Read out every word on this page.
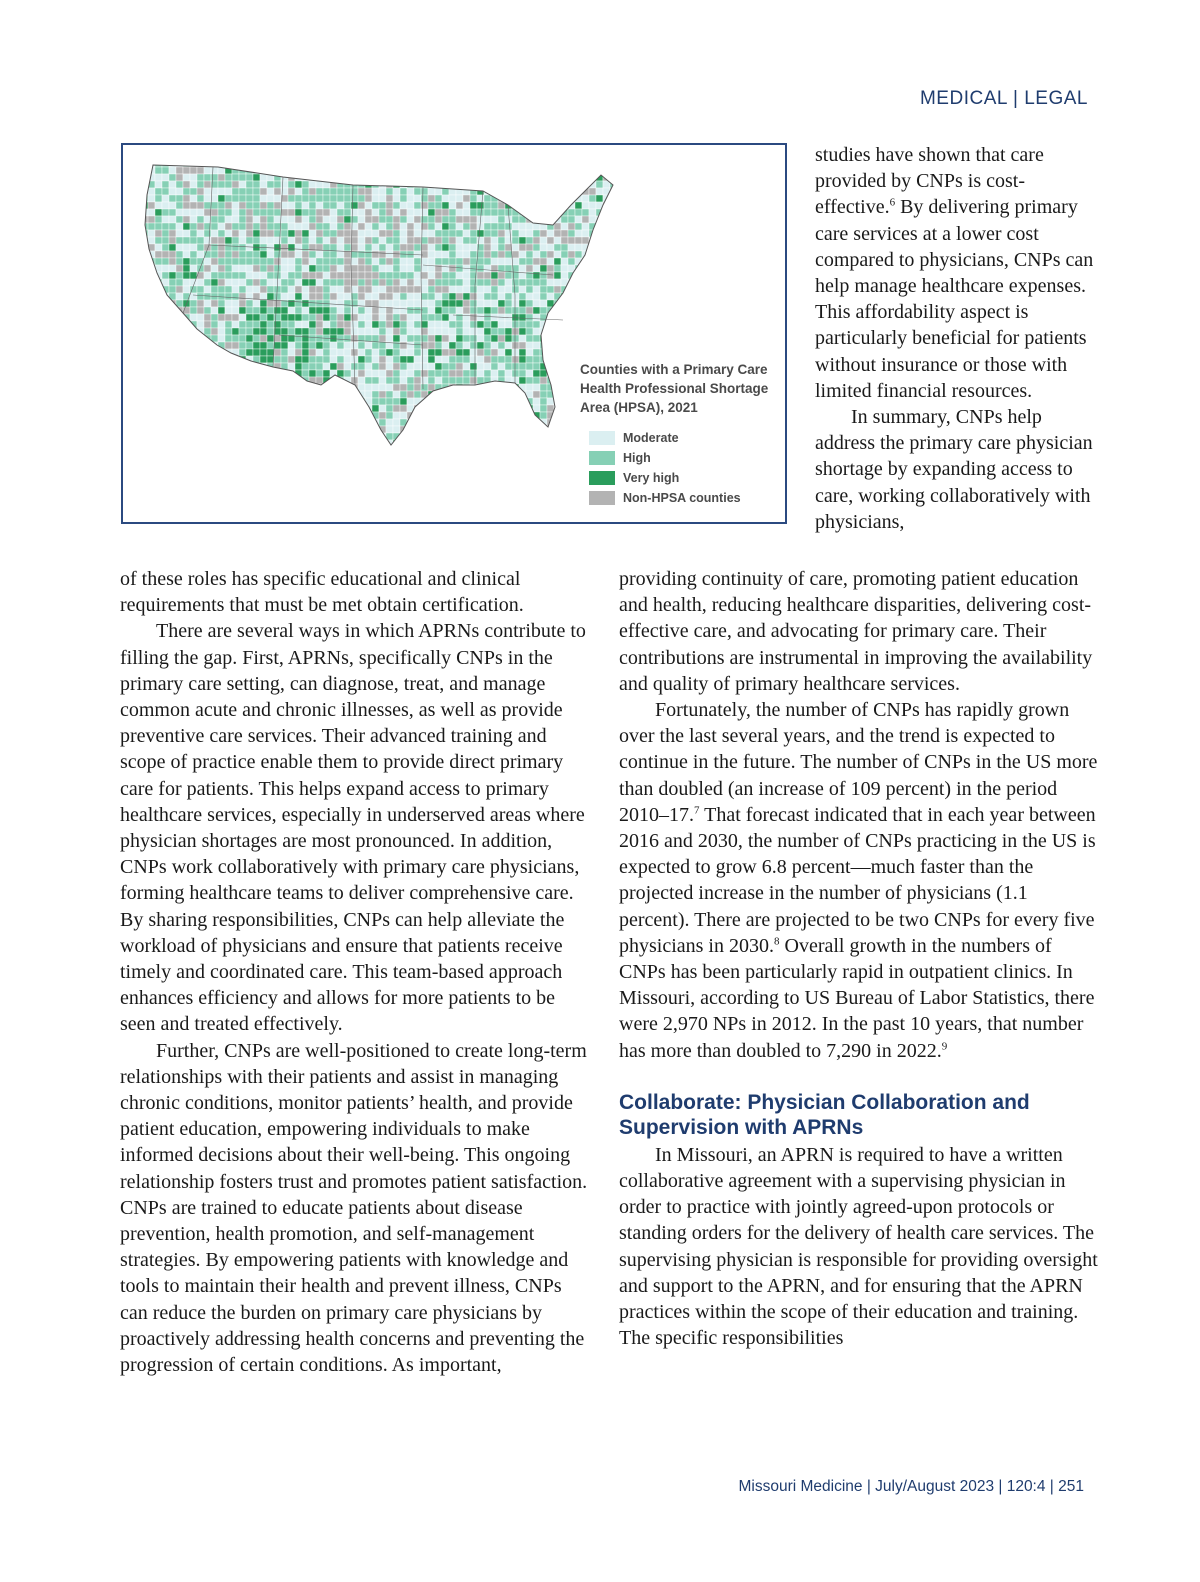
MEDICAL | LEGAL
Counties with a Primary Care Health Professional Shortage Area (HPSA), 2021
Moderate
High
Very high
Non-HPSA counties

studies have shown that care provided by CNPs is cost-effective.$^6$ By delivering primary care services at a lower cost compared to physicians, CNPs can help manage healthcare expenses. This affordability aspect is particularly beneficial for patients without insurance or those with limited financial resources.

In summary, CNPs help address the primary care physician shortage by expanding access to care, working collaboratively with physicians,

of these roles has specific educational and clinical requirements that must be met obtain certification.

There are several ways in which APRNs contribute to filling the gap. First, APRNs, specifically CNPs in the primary care setting, can diagnose, treat, and manage common acute and chronic illnesses, as well as provide preventive care services. Their advanced training and scope of practice enable them to provide direct primary care for patients. This helps expand access to primary healthcare services, especially in underserved areas where physician shortages are most pronounced. In addition, CNPs work collaboratively with primary care physicians, forming healthcare teams to deliver comprehensive care. By sharing responsibilities, CNPs can help alleviate the workload of physicians and ensure that patients receive timely and coordinated care. This team-based approach enhances efficiency and allows for more patients to be seen and treated effectively.

Further, CNPs are well-positioned to create long-term relationships with their patients and assist in managing chronic conditions, monitor patients’ health, and provide patient education, empowering individuals to make informed decisions about their well-being. This ongoing relationship fosters trust and promotes patient satisfaction. CNPs are trained to educate patients about disease prevention, health promotion, and self-management strategies. By empowering patients with knowledge and tools to maintain their health and prevent illness, CNPs can reduce the burden on primary care physicians by proactively addressing health concerns and preventing the progression of certain conditions. As important,

providing continuity of care, promoting patient education and health, reducing healthcare disparities, delivering cost-effective care, and advocating for primary care. Their contributions are instrumental in improving the availability and quality of primary healthcare services.

Fortunately, the number of CNPs has rapidly grown over the last several years, and the trend is expected to continue in the future. The number of CNPs in the US more than doubled (an increase of 109 percent) in the period 2010–17.$^7$ That forecast indicated that in each year between 2016 and 2030, the number of CNPs practicing in the US is expected to grow 6.8 percent—much faster than the projected increase in the number of physicians (1.1 percent). There are projected to be two CNPs for every five physicians in 2030.$^8$ Overall growth in the numbers of CNPs has been particularly rapid in outpatient clinics. In Missouri, according to US Bureau of Labor Statistics, there were 2,970 NPs in 2012. In the past 10 years, that number has more than doubled to 7,290 in 2022.$^9$

Collaborate: Physician Collaboration and Supervision with APRNs

In Missouri, an APRN is required to have a written collaborative agreement with a supervising physician in order to practice with jointly agreed-upon protocols or standing orders for the delivery of health care services. The supervising physician is responsible for providing oversight and support to the APRN, and for ensuring that the APRN practices within the scope of their education and training. The specific responsibilities

Missouri Medicine | July/August 2023 | 120:4 | 251
